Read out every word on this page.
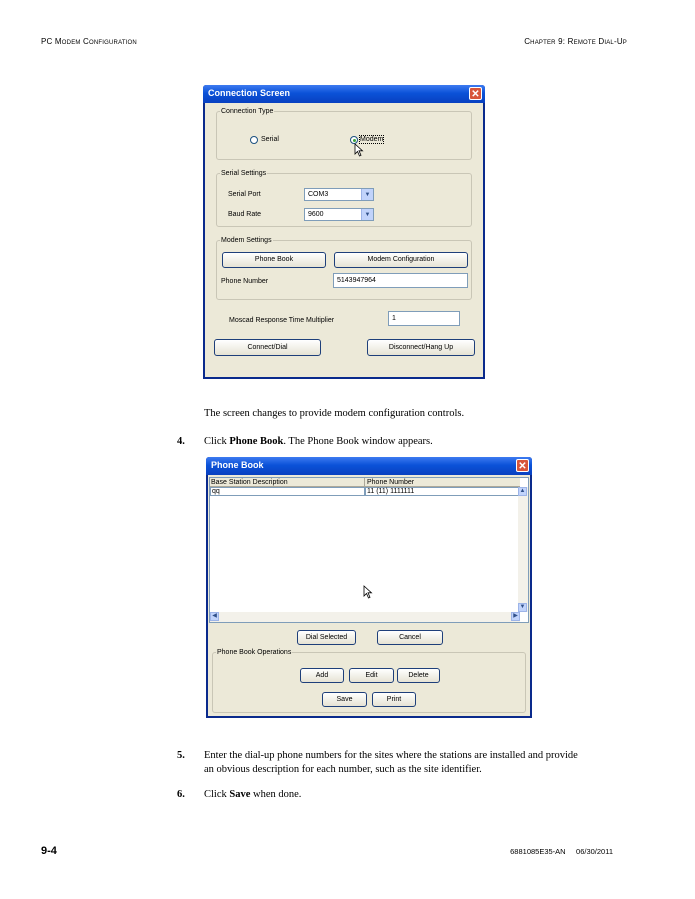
PC Modem Configuration	Chapter 9: Remote Dial-Up
Connection Screen	✕
Connection Type
Serial	Modem
Serial Settings
Serial Port	COM3	▼
Baud Rate	9600	▼
Modem Settings
Phone Book	Modem Configuration
Phone Number	5143947964
Moscad Response Time Multiplier	1
Connect/Dial	Disconnect/Hang Up
The screen changes to provide modem configuration controls.
4. Click Phone Book. The Phone Book window appears.
Phone Book	✕
Base Station Description	Phone Number
qq	11 (11) 1111111	▲
▼
◀	▶
Dial Selected	Cancel
Phone Book Operations
Add	Edit	Delete
Save	Print
5. Enter the dial-up phone numbers for the sites where the stations are installed and provide
an obvious description for each number, such as the site identifier.
6. Click Save when done.
9-4	6881085E35-AN     06/30/2011
